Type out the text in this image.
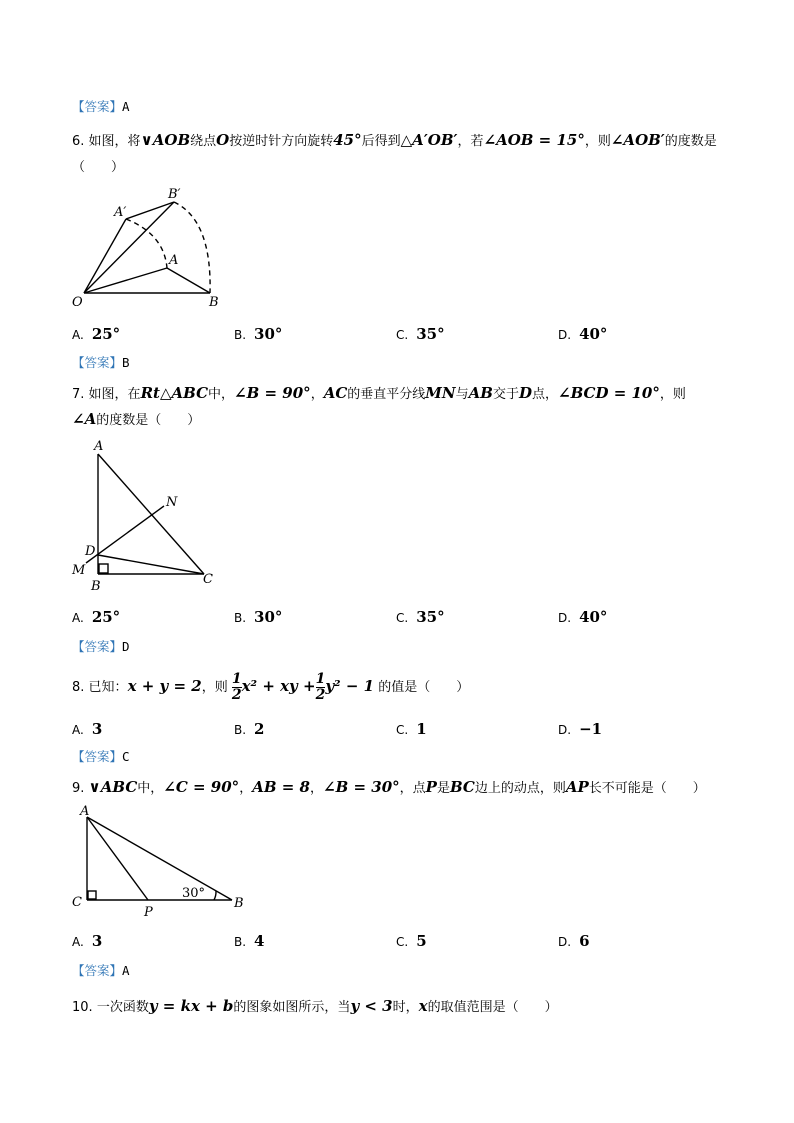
【答案】A
6. 如图，将∨AOB绕点O按逆时针方向旋转45°后得到△A′OB′，若∠AOB = 15°，则∠AOB′的度数是
（　　）
O
A
B
A′
B′
A. 25°	B. 30°	C. 35°	D. 40°
【答案】B
7. 如图，在Rt△ABC中，∠B = 90°，AC的垂直平分线MN与AB交于D点，∠BCD = 10°，则
∠A的度数是（　　）
A
N
D
M
B	C
A. 25°	B. 30°	C. 35°	D. 40°
【答案】D
8. 已知：x + y = 2，则 $\frac{1}{2} x^2$ + xy + $\frac{1}{2} y^2 - 1$ 的值是（　　）
A. 3	B. 2	C. 1	D. −1
【答案】C
9. ∨ABC中，∠C = 90°，AB = 8，∠B = 30°，点P是BC边上的动点，则AP长不可能是（　　）
A
C
P
B
30°
A. 3	B. 4	C. 5	D. 6
【答案】A
10. 一次函数y = kx + b的图象如图所示，当y < 3时，x的取值范围是（　　）
